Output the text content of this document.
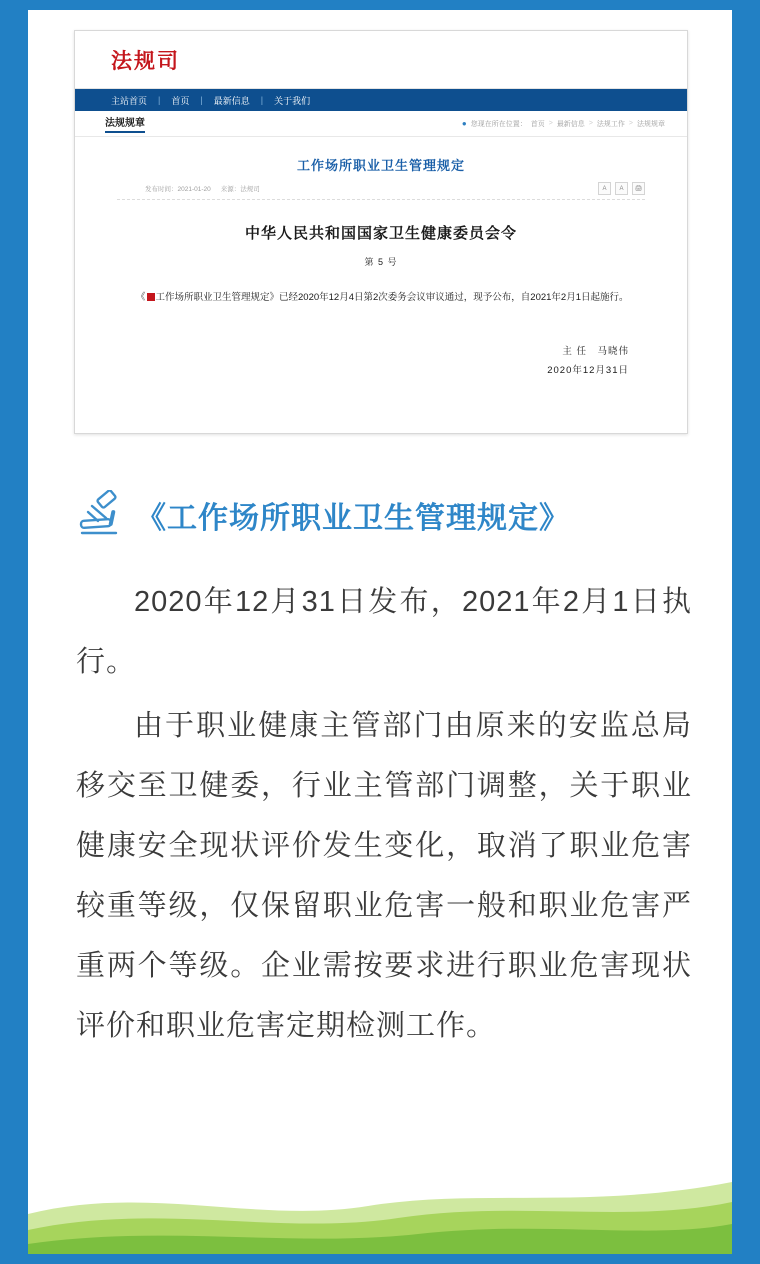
法规司
主站首页	|	首页	|	最新信息	|	关于我们
法规规章	● 您现在所在位置： 首页 > 最新信息 > 法规工作 > 法规规章
工作场所职业卫生管理规定
发布时间：2021-01-20 来源：法规司	A	A	🖨
中华人民共和国国家卫生健康委员会令
第 5 号
《 工作场所职业卫生管理规定》已经2020年12月4日第2次委务会议审议通过，现予公布，自2021年2月1日起施行。
主 任　马晓伟
2020年12月31日
《工作场所职业卫生管理规定》

2020年12月31日发布，2021年2月1日执行。

由于职业健康主管部门由原来的安监总局移交至卫健委，行业主管部门调整，关于职业健康安全现状评价发生变化，取消了职业危害较重等级，仅保留职业危害一般和职业危害严重两个等级。企业需按要求进行职业危害现状评价和职业危害定期检测工作。
